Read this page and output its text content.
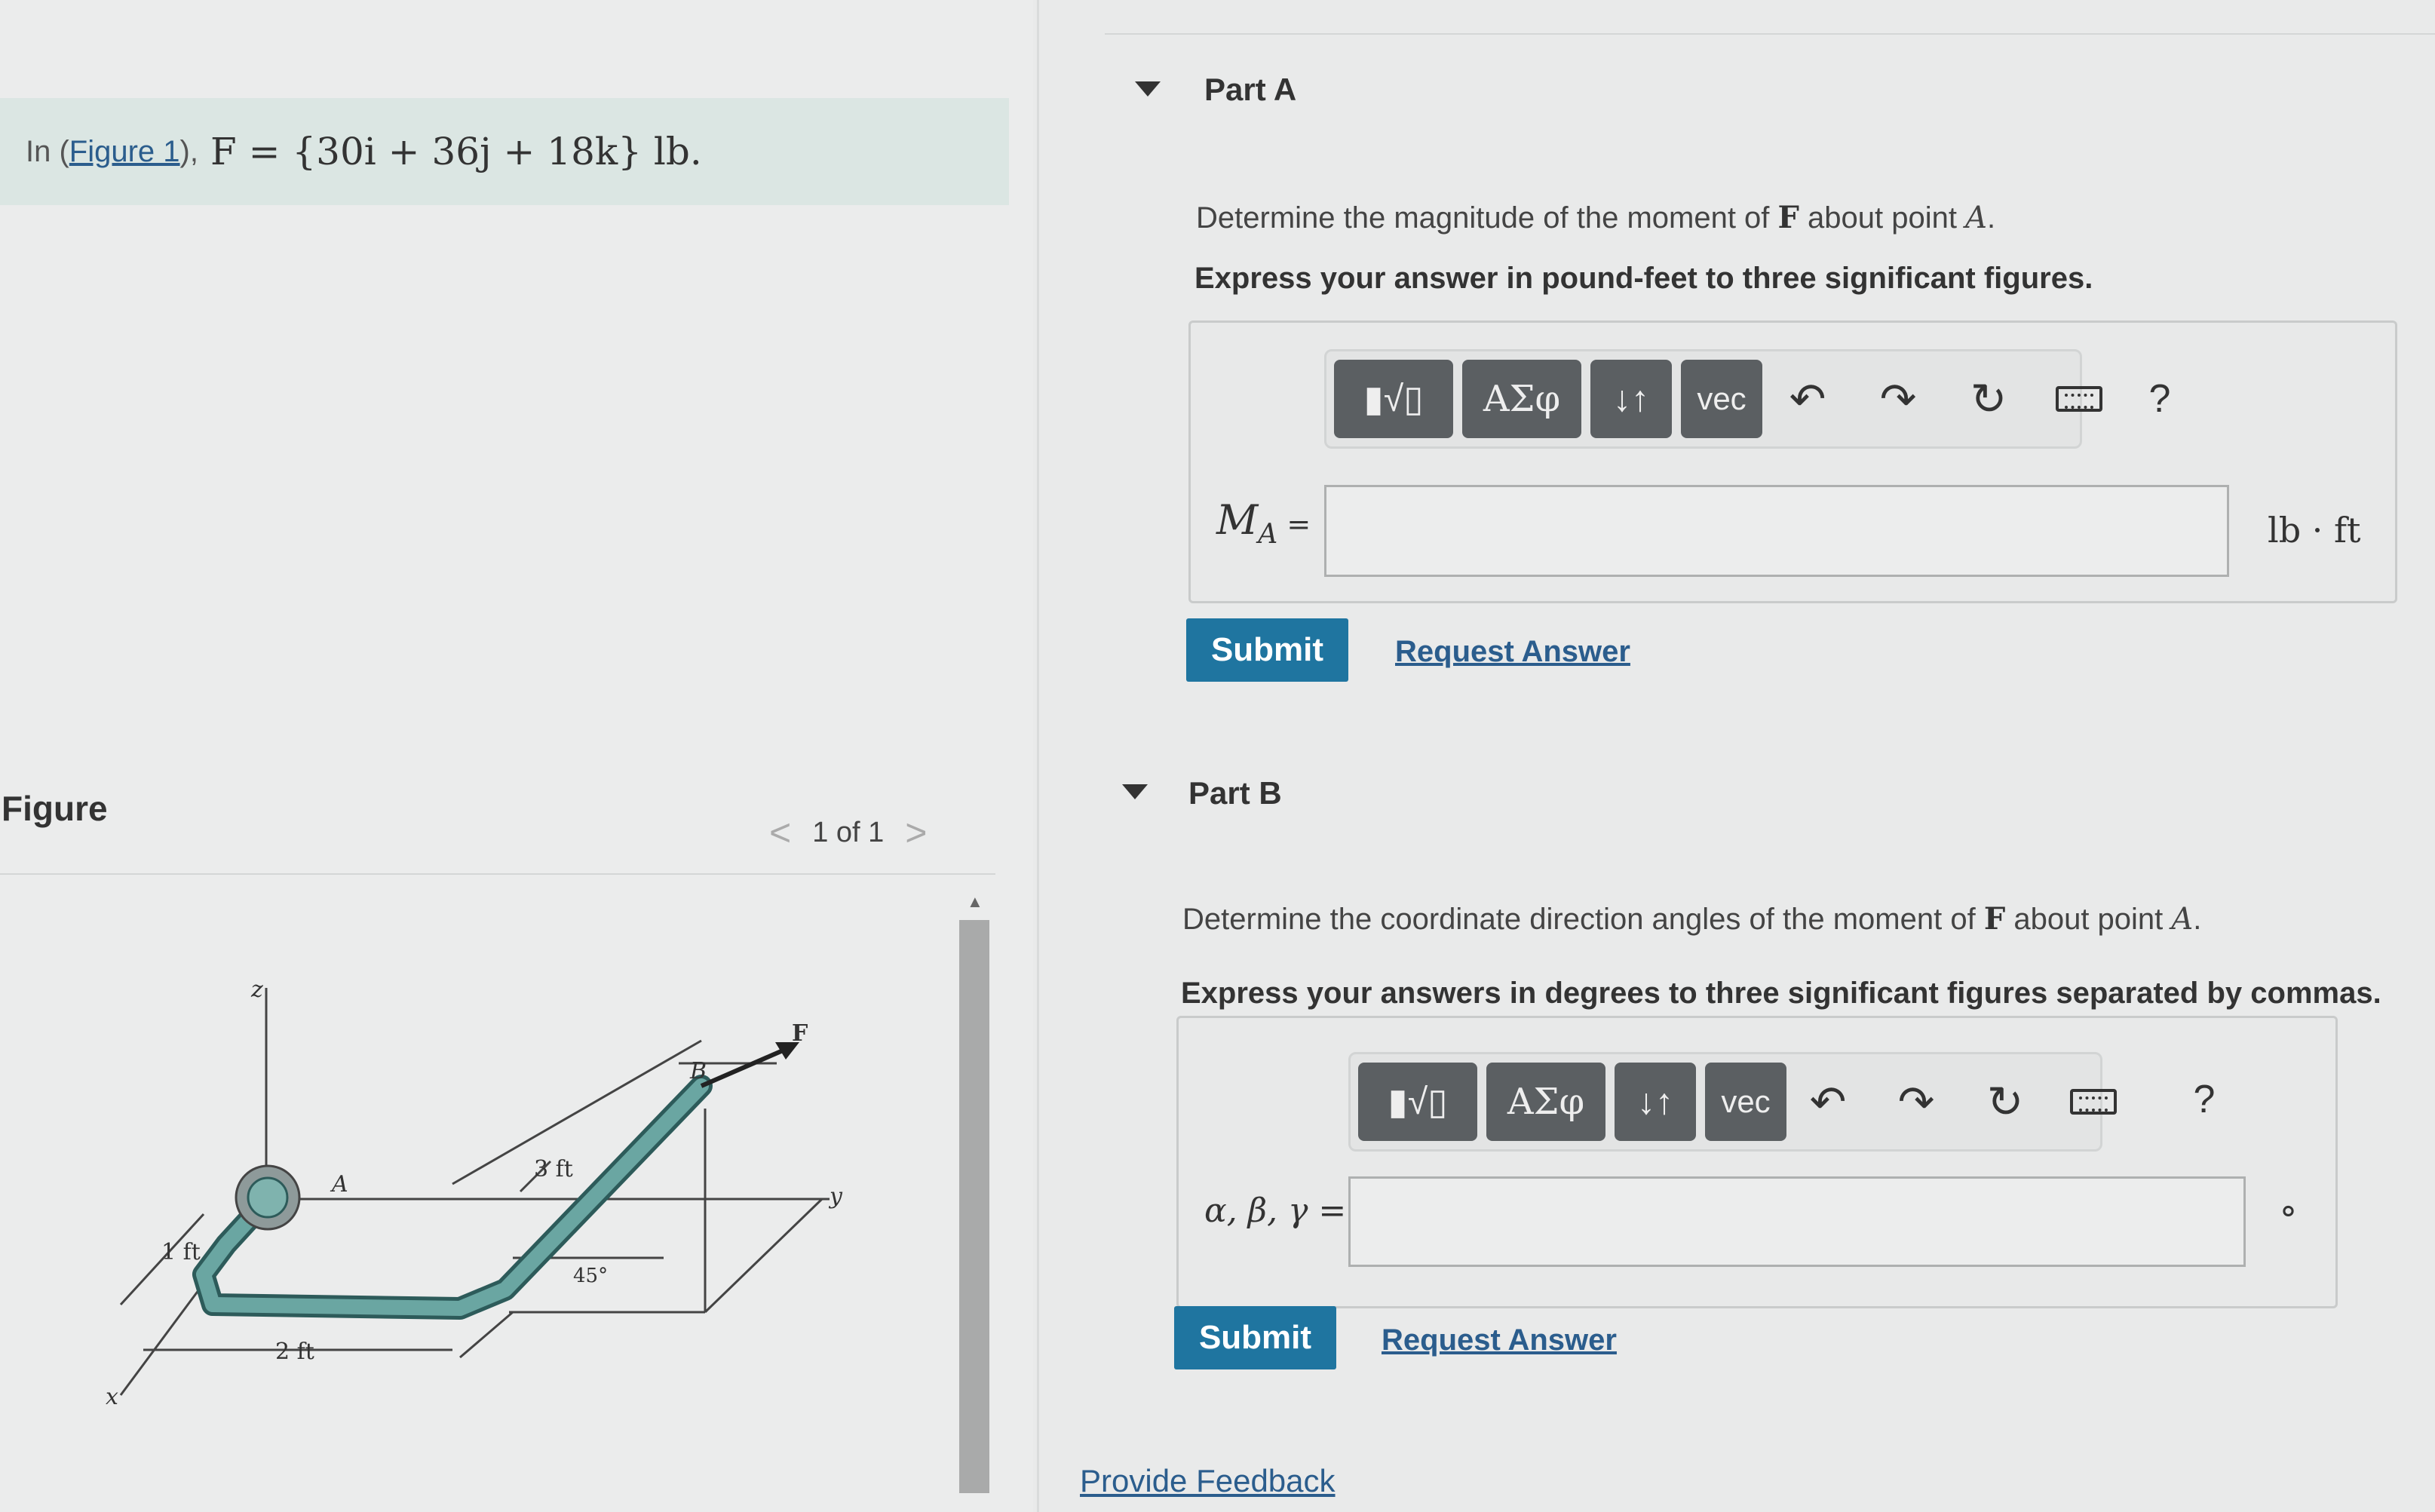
In ( Figure 1 ), F = {30i + 36j + 18k} lb.
Figure
< 1 of 1 >
z
x
y
A
B
F
3 ft
1 ft
2 ft
45°
▲
Part A
Determine the magnitude of the moment of F about point A.
Express your answer in pound-feet to three significant figures.
▮√▯	ΑΣφ	↓↑	vec ↶ ↷ ↻	?
$M_A$ =	lb · ft
Submit	Request Answer
Part B
Determine the coordinate direction angles of the moment of F about point A.
Express your answers in degrees to three significant figures separated by commas.
▮√▯	ΑΣφ	↓↑	vec ↶ ↷ ↻	?
α, β, γ =	°
Submit	Request Answer
Provide Feedback
